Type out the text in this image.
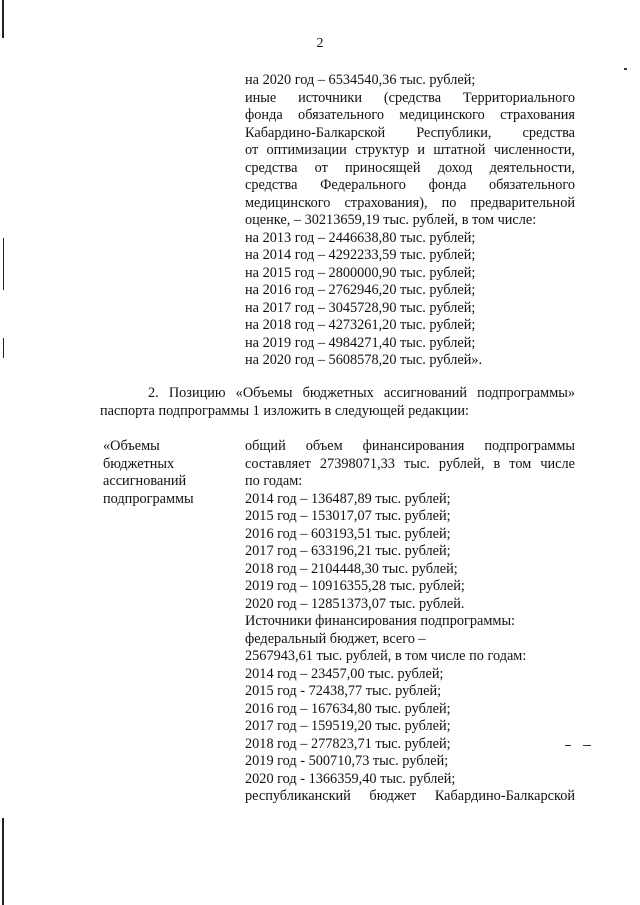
2
на 2020 год – 6534540,36 тыс. рублей;
иные источники (средства Территориального
фонда обязательного медицинского страхования
Кабардино-Балкарской Республики, средства
от оптимизации структур и штатной численности,
средства от приносящей доход деятельности,
средства Федерального фонда обязательного
медицинского страхования), по предварительной
оценке, – 30213659,19 тыс. рублей, в том числе:
на 2013 год – 2446638,80 тыс. рублей;
на 2014 год – 4292233,59 тыс. рублей;
на 2015 год – 2800000,90 тыс. рублей;
на 2016 год – 2762946,20 тыс. рублей;
на 2017 год – 3045728,90 тыс. рублей;
на 2018 год – 4273261,20 тыс. рублей;
на 2019 год – 4984271,40 тыс. рублей;
на 2020 год – 5608578,20 тыс. рублей».
2. Позицию «Объемы бюджетных ассигнований подпрограммы» паспорта подпрограммы 1 изложить в следующей редакции:
«Объемы
бюджетных
ассигнований
подпрограммы
общий объем финансирования подпрограммы
составляет 27398071,33 тыс. рублей, в том числе
по годам:
2014 год – 136487,89 тыс. рублей;
2015 год – 153017,07 тыс. рублей;
2016 год – 603193,51 тыс. рублей;
2017 год – 633196,21 тыс. рублей;
2018 год – 2104448,30 тыс. рублей;
2019 год – 10916355,28 тыс. рублей;
2020 год – 12851373,07 тыс. рублей.
Источники финансирования подпрограммы:
федеральный бюджет, всего –
2567943,61 тыс. рублей, в том числе по годам:
2014 год – 23457,00 тыс. рублей;
2015 год - 72438,77 тыс. рублей;
2016 год – 167634,80 тыс. рублей;
2017 год – 159519,20 тыс. рублей;
2018 год – 277823,71 тыс. рублей;
2019 год - 500710,73 тыс. рублей;
2020 год - 1366359,40 тыс. рублей;
республиканский бюджет Кабардино-Балкарской
